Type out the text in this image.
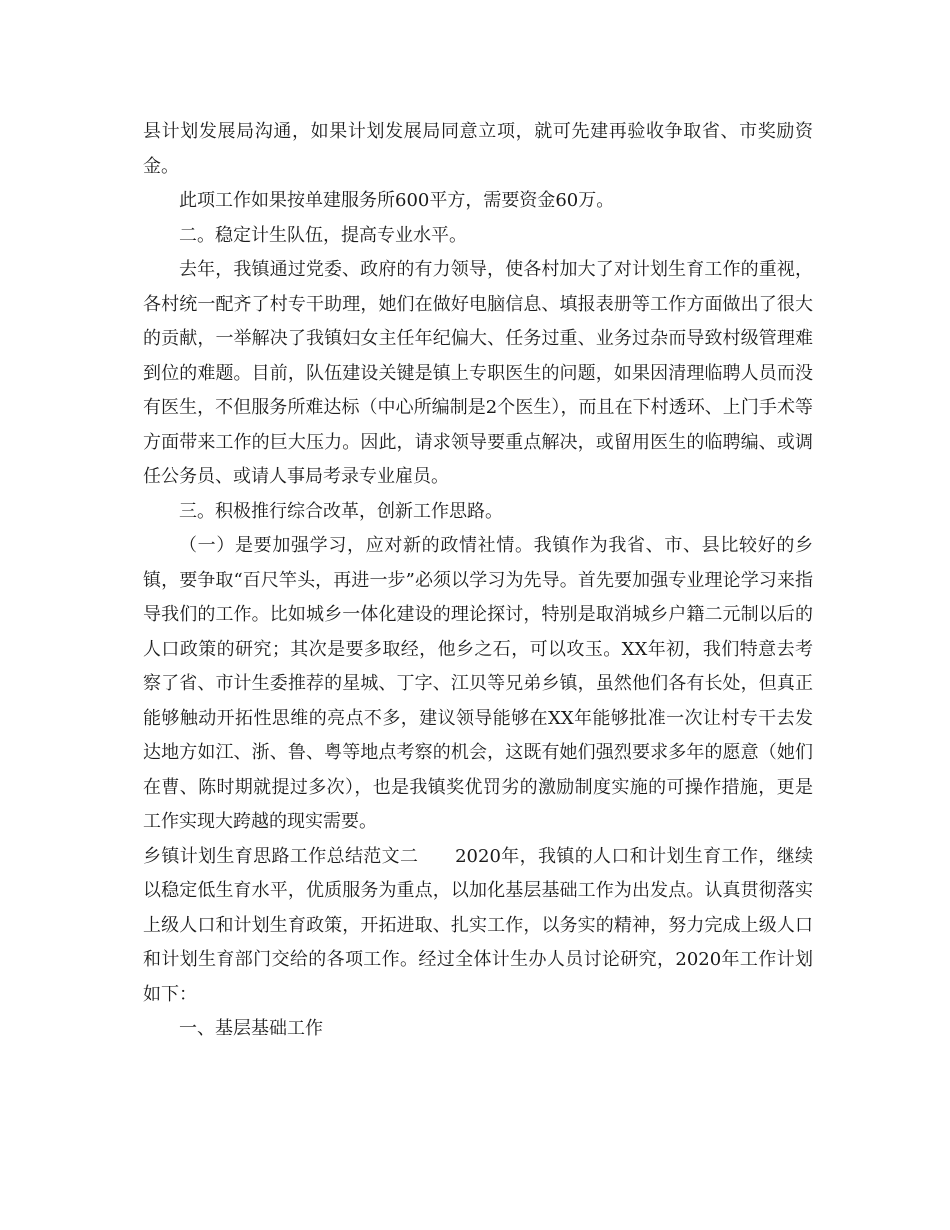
县计划发展局沟通，如果计划发展局同意立项，就可先建再验收争取省、市奖励资金。

此项工作如果按单建服务所600平方，需要资金60万。

二。稳定计生队伍，提高专业水平。

去年，我镇通过党委、政府的有力领导，使各村加大了对计划生育工作的重视，各村统一配齐了村专干助理，她们在做好电脑信息、填报表册等工作方面做出了很大的贡献，一举解决了我镇妇女主任年纪偏大、任务过重、业务过杂而导致村级管理难到位的难题。目前，队伍建设关键是镇上专职医生的问题，如果因清理临聘人员而没有医生，不但服务所难达标（中心所编制是2个医生），而且在下村透环、上门手术等方面带来工作的巨大压力。因此，请求领导要重点解决，或留用医生的临聘编、或调任公务员、或请人事局考录专业雇员。

三。积极推行综合改革，创新工作思路。

（一）是要加强学习，应对新的政情社情。我镇作为我省、市、县比较好的乡镇，要争取“百尺竿头，再进一步”必须以学习为先导。首先要加强专业理论学习来指导我们的工作。比如城乡一体化建设的理论探讨，特别是取消城乡户籍二元制以后的人口政策的研究；其次是要多取经，他乡之石，可以攻玉。XX年初，我们特意去考察了省、市计生委推荐的星城、丁字、江贝等兄弟乡镇，虽然他们各有长处，但真正能够触动开拓性思维的亮点不多，建议领导能够在XX年能够批准一次让村专干去发达地方如江、浙、鲁、粤等地点考察的机会，这既有她们强烈要求多年的愿意（她们在曹、陈时期就提过多次），也是我镇奖优罚劣的激励制度实施的可操作措施，更是工作实现大跨越的现实需要。

乡镇计划生育思路工作总结范文二　　2020年，我镇的人口和计划生育工作，继续以稳定低生育水平，优质服务为重点，以加化基层基础工作为出发点。认真贯彻落实上级人口和计划生育政策，开拓进取、扎实工作，以务实的精神，努力完成上级人口和计划生育部门交给的各项工作。经过全体计生办人员讨论研究，2020年工作计划如下：

一、基层基础工作
